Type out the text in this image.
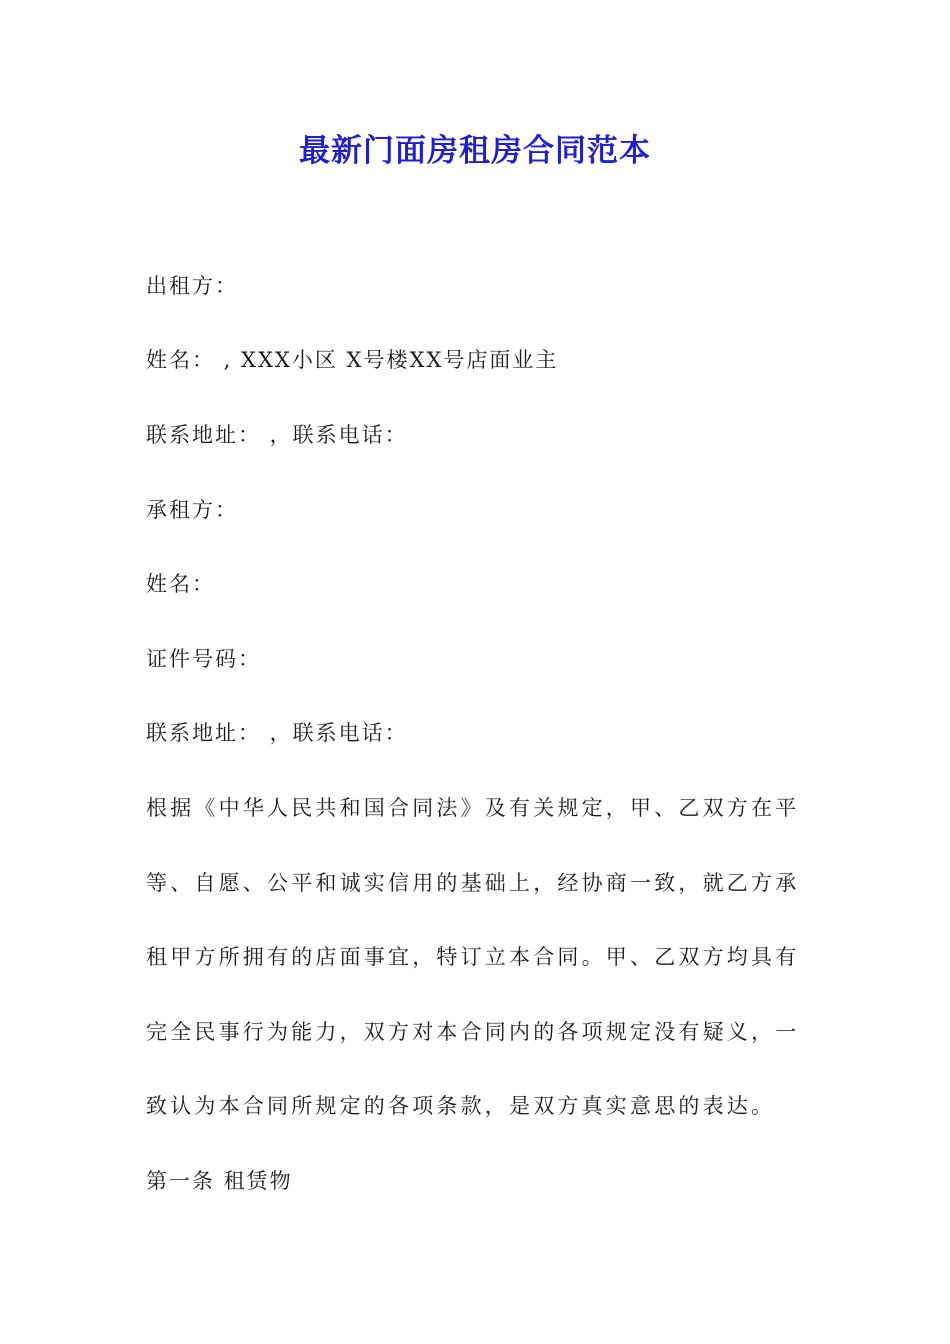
最新门面房租房合同范本
出租方：
姓名： , XXX小区 X号楼XX号店面业主
联系地址： ，联系电话：
承租方：
姓名：
证件号码：
联系地址： ，联系电话：
根据《中华人民共和国合同法》及有关规定，甲、乙双方在平
等、自愿、公平和诚实信用的基础上，经协商一致，就乙方承
租甲方所拥有的店面事宜，特订立本合同。甲、乙双方均具有
完全民事行为能力，双方对本合同内的各项规定没有疑义，一
致认为本合同所规定的各项条款，是双方真实意思的表达。
第一条 租赁物
